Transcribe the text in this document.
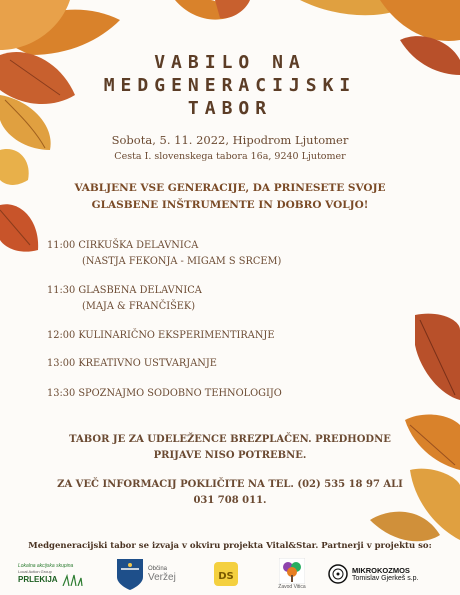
VABILO NA
MEDGENERACIJSKI
TABOR
Sobota, 5. 11. 2022, Hipodrom Ljutomer
Cesta I. slovenskega tabora 16a, 9240 Ljutomer
VABLJENE VSE GENERACIJE, DA PRINESETE SVOJE
GLASBENE INŠTRUMENTE IN DOBRO VOLJO!
11:00 CIRKUŠKA DELAVNICA
(NASTJA FEKONJA - MIGAM S SRCEM)
11:30 GLASBENA DELAVNICA
(MAJA & FRANČIŠEK)
12:00 KULINARIČNO EKSPERIMENTIRANJE
13:00 KREATIVNO USTVARJANJE
13:30 SPOZNAJMO SODOBNO TEHNOLOGIJO
TABOR JE ZA UDELEŽENCE BREZPLAČEN. PREDHODNE
PRIJAVE NISO POTREBNE.
ZA VEČ INFORMACIJ POKLIČITE NA TEL. (02) 535 18 97 ALI
031 708 011.
Medgeneracijski tabor se izvaja v okviru projekta Vital&Star. Partnerji v projektu so:
Lokalna akcijska skupina
Local Action Group
PRLEKIJA
Občina
Veržej	DS
Zavod Vitica
MIKROKOZMOS
Tomislav Gjerkeš s.p.
